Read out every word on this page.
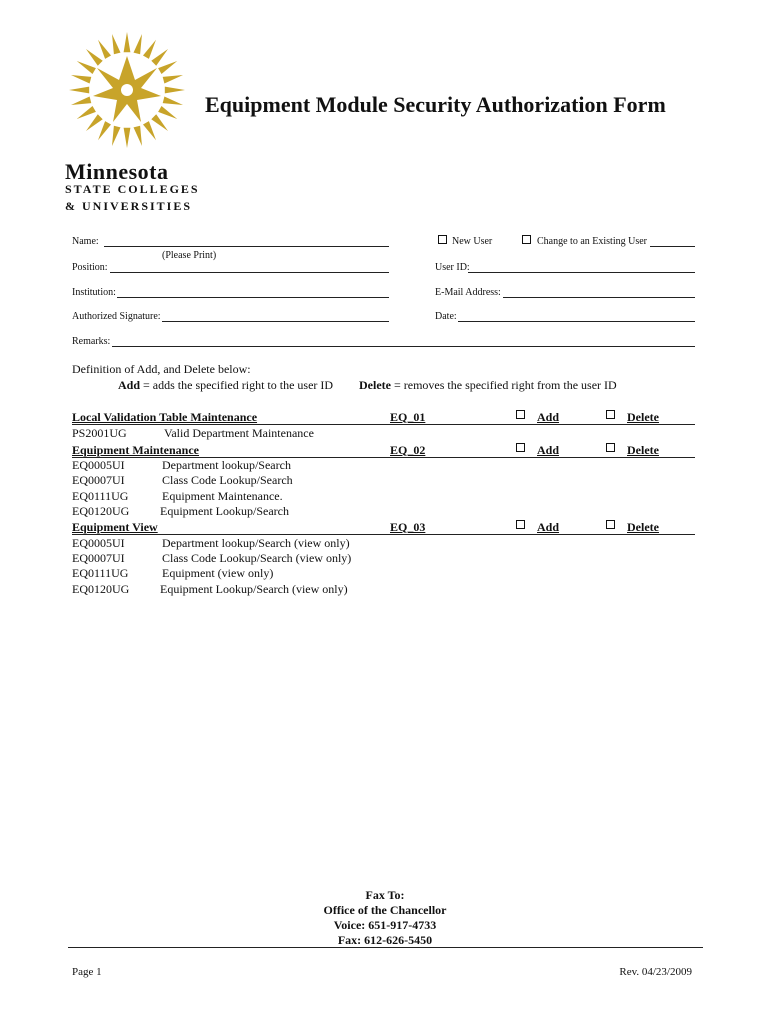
Equipment Module Security Authorization Form
Minnesota
STATE COLLEGES
& UNIVERSITIES
Name:
(Please Print)
Position:
Institution:
Authorized Signature:
Remarks:
New User	Change to an Existing User
User ID:
E-Mail Address:
Date:
Definition of Add, and Delete below:
Add = adds the specified right to the user ID Delete = removes the specified right from the user ID
Local Validation Table Maintenance	EQ_01	Add	Delete
PS2001UG	Valid Department Maintenance
Equipment Maintenance	EQ_02	Add	Delete
EQ0005UI	Department lookup/Search
EQ0007UI	Class Code Lookup/Search
EQ0111UG	Equipment Maintenance.
EQ0120UG	Equipment Lookup/Search
Equipment View	EQ_03	Add	Delete
EQ0005UI	Department lookup/Search (view only)
EQ0007UI	Class Code Lookup/Search (view only)
EQ0111UG	Equipment (view only)
EQ0120UG	Equipment Lookup/Search (view only)
Fax To:
Office of the Chancellor
Voice: 651-917-4733
Fax: 612-626-5450
Page 1	Rev. 04/23/2009
